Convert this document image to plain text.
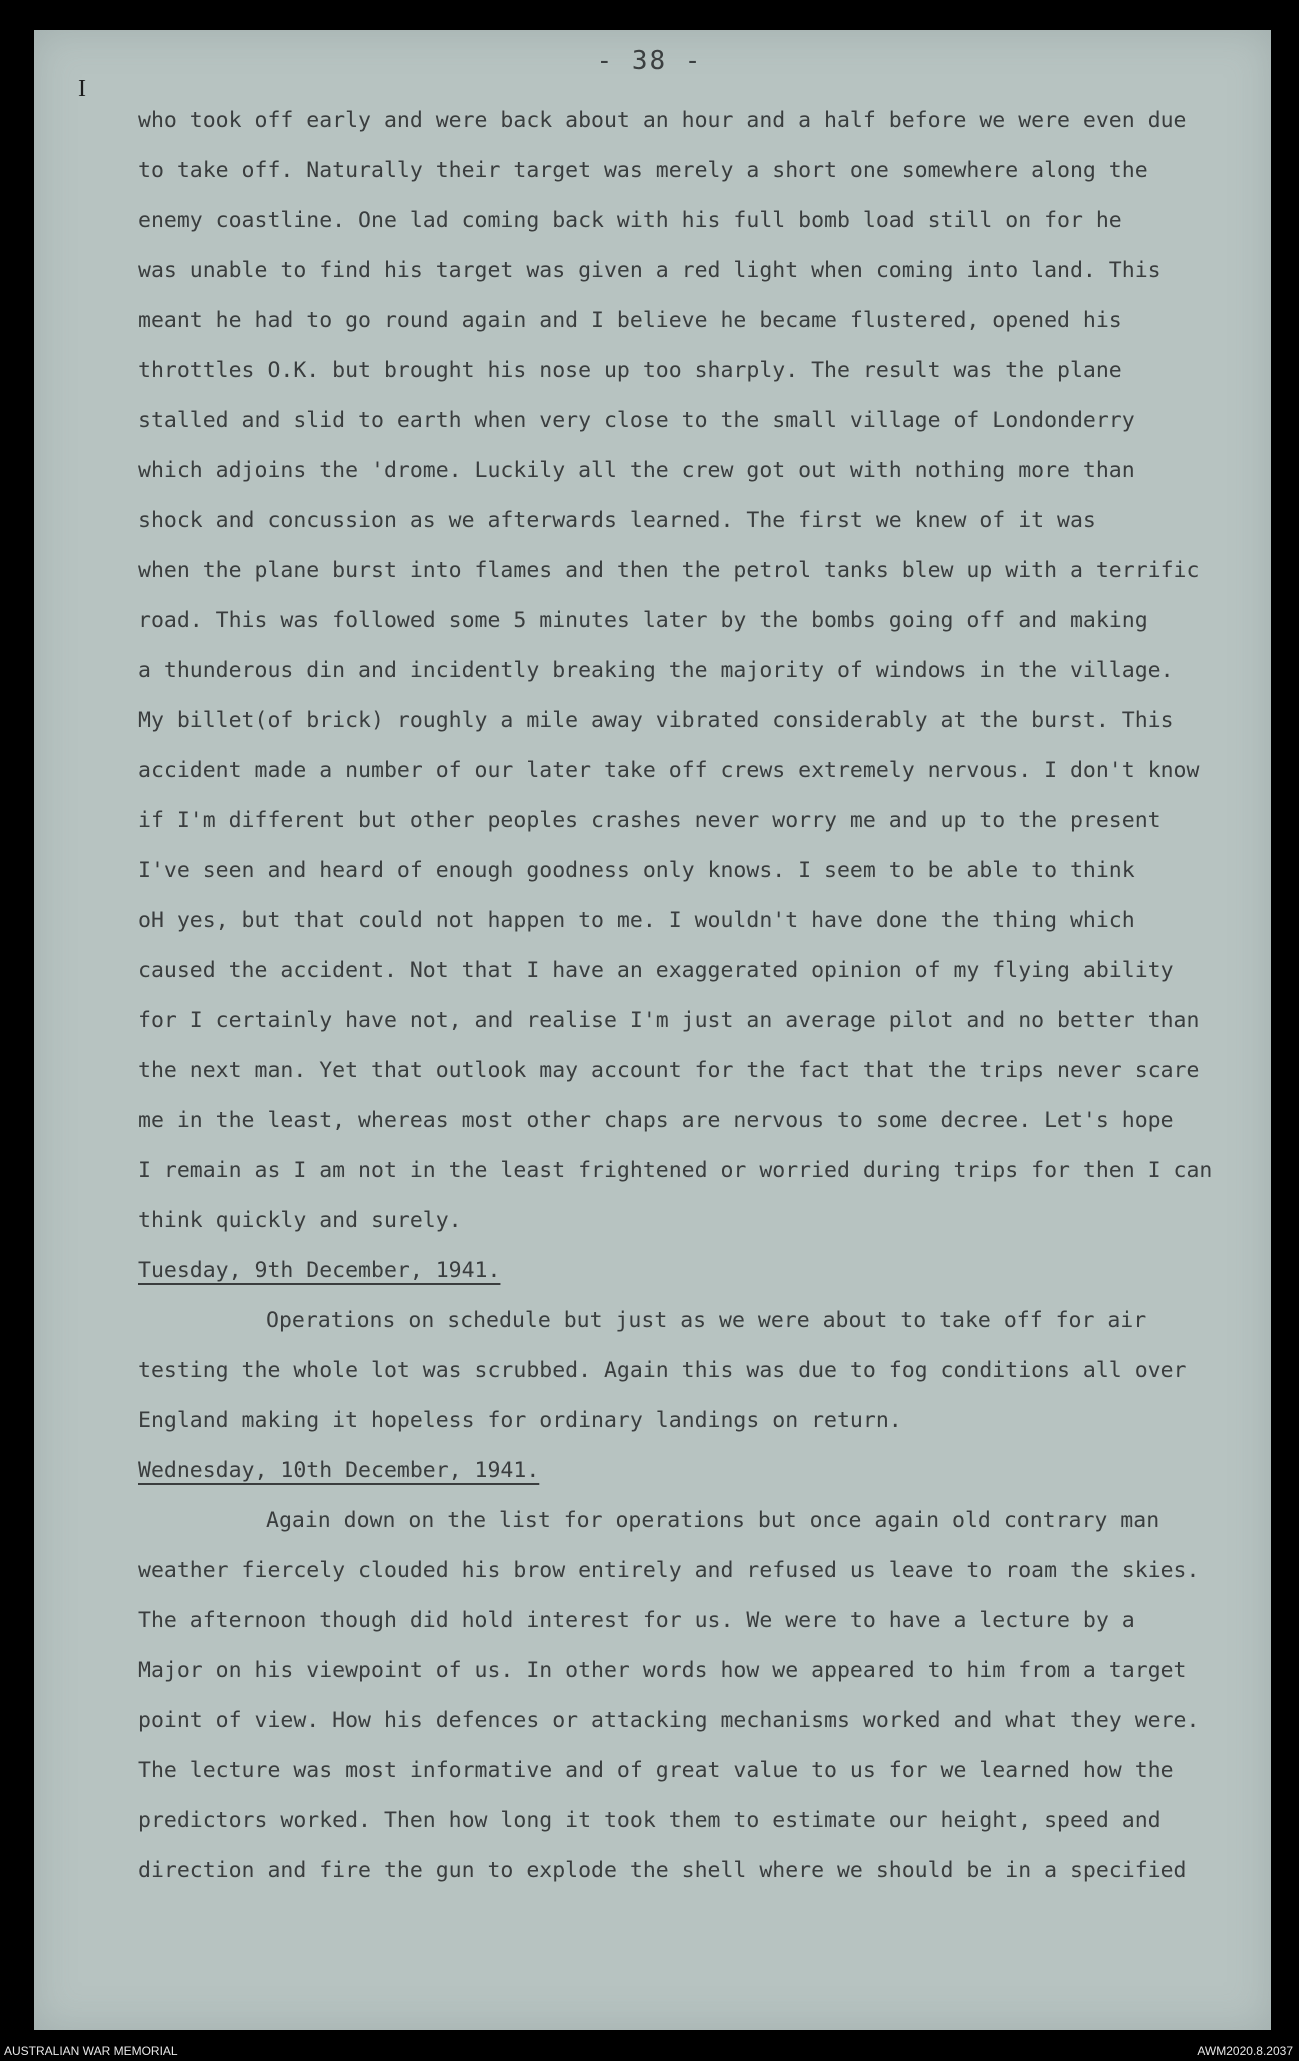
I
- 38 -
who took off early and were back about an hour and a half before we were even due
to take off. Naturally their target was merely a short one somewhere along the
enemy coastline. One lad coming back with his full bomb load still on for he
was unable to find his target was given a red light when coming into land. This
meant he had to go round again and I believe he became flustered, opened his
throttles O.K. but brought his nose up too sharply. The result was the plane
stalled and slid to earth when very close to the small village of Londonderry
which adjoins the 'drome. Luckily all the crew got out with nothing more than
shock and concussion as we afterwards learned. The first we knew of it was
when the plane burst into flames and then the petrol tanks blew up with a terrific
road. This was followed some 5 minutes later by the bombs going off and making
a thunderous din and incidently breaking the majority of windows in the village.
My billet(of brick) roughly a mile away vibrated considerably at the burst. This
accident made a number of our later take off crews extremely nervous. I don't know
if I'm different but other peoples crashes never worry me and up to the present
I've seen and heard of enough goodness only knows. I seem to be able to think
oH yes, but that could not happen to me. I wouldn't have done the thing which
caused the accident. Not that I have an exaggerated opinion of my flying ability
for I certainly have not, and realise I'm just an average pilot and no better than
the next man. Yet that outlook may account for the fact that the trips never scare
me in the least, whereas most other chaps are nervous to some decree. Let's hope
I remain as I am not in the least frightened or worried during trips for then I can
think quickly and surely.
Tuesday, 9th December, 1941.
Operations on schedule but just as we were about to take off for air
testing the whole lot was scrubbed. Again this was due to fog conditions all over
England making it hopeless for ordinary landings on return.
Wednesday, 10th December, 1941.
Again down on the list for operations but once again old contrary man
weather fiercely clouded his brow entirely and refused us leave to roam the skies.
The afternoon though did hold interest for us. We were to have a lecture by a
Major on his viewpoint of us. In other words how we appeared to him from a target
point of view. How his defences or attacking mechanisms worked and what they were.
The lecture was most informative and of great value to us for we learned how the
predictors worked. Then how long it took them to estimate our height, speed and
direction and fire the gun to explode the shell where we should be in a specified
AUSTRALIAN WAR MEMORIAL	AWM2020.8.2037
